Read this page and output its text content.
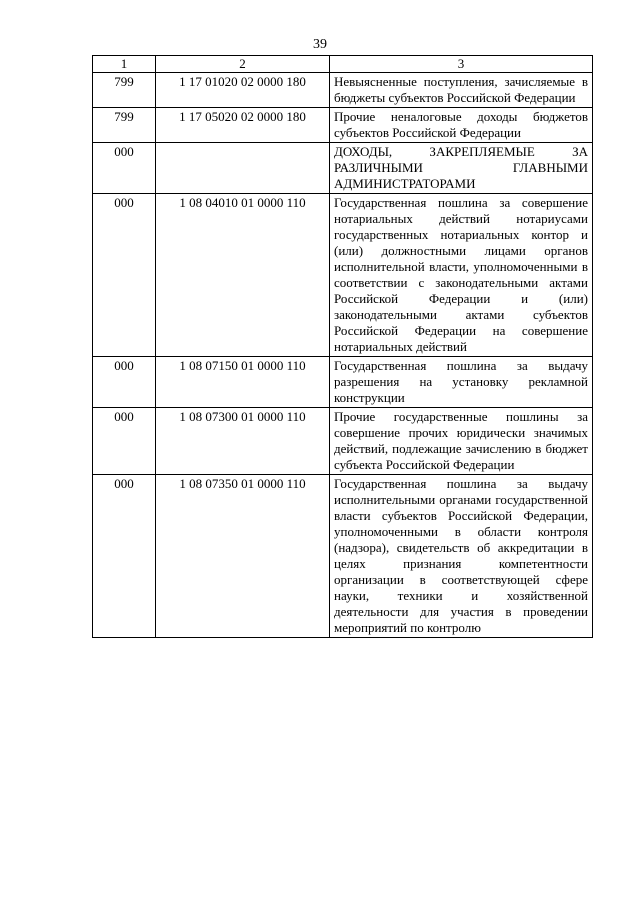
39
1	2	3
799	1 17 01020 02 0000 180	Невыясненные поступления, зачисляемые в бюджеты субъектов Российской Федерации
799	1 17 05020 02 0000 180	Прочие неналоговые доходы бюджетов субъектов Российской Федерации
000		ДОХОДЫ, ЗАКРЕПЛЯЕМЫЕ ЗА РАЗЛИЧНЫМИ ГЛАВНЫМИ АДМИНИСТРАТОРАМИ
000	1 08 04010 01 0000 110	Государственная пошлина за совершение нотариальных действий нотариусами государственных нотариальных контор и (или) должностными лицами органов исполнительной власти, уполномоченными в соответствии с законодательными актами Российской Федерации и (или) законодательными актами субъектов Российской Федерации на совершение нотариальных действий
000	1 08 07150 01 0000 110	Государственная пошлина за выдачу разрешения на установку рекламной конструкции
000	1 08 07300 01 0000 110	Прочие государственные пошлины за совершение прочих юридически значимых действий, подлежащие зачислению в бюджет субъекта Российской Федерации
000	1 08 07350 01 0000 110	Государственная пошлина за выдачу исполнительными органами государственной власти субъектов Российской Федерации, уполномоченными в области контроля (надзора), свидетельств об аккредитации в целях признания компетентности организации в соответствующей сфере науки, техники и хозяйственной деятельности для участия в проведении мероприятий по контролю
